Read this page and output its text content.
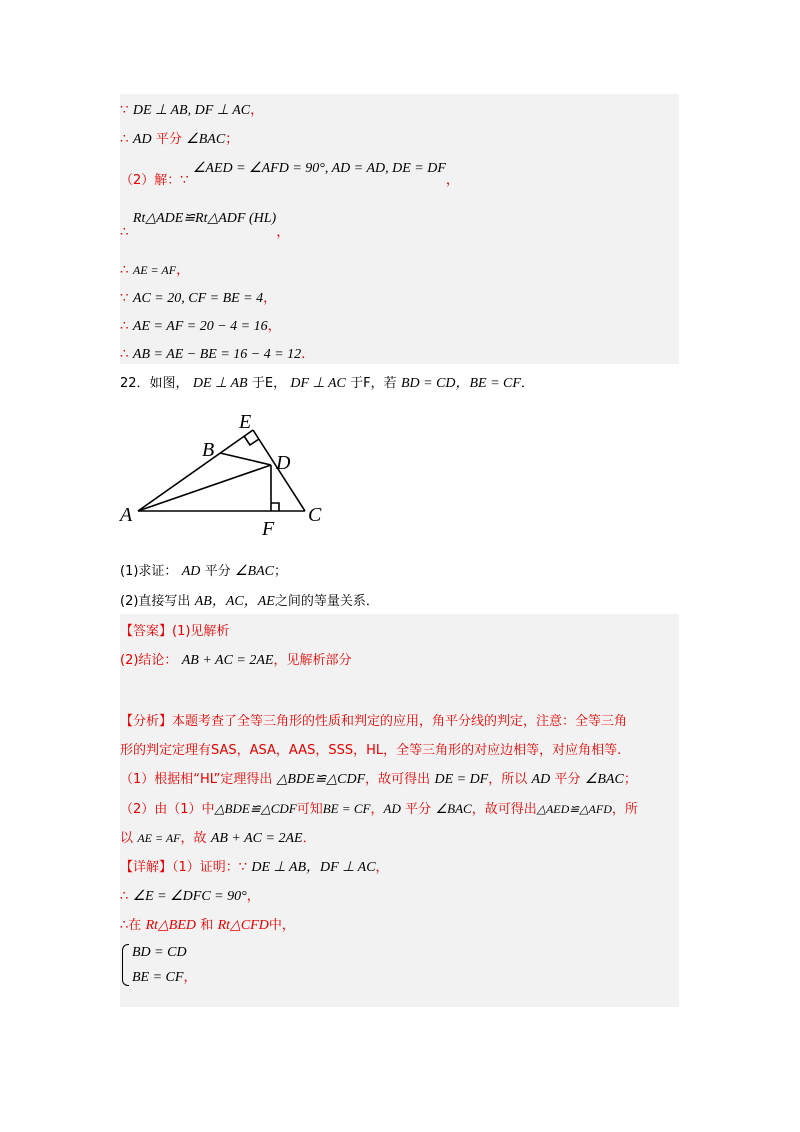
∵ DE ⊥ AB, DF ⊥ AC，
∴ AD 平分 ∠BAC；
（2）解：∵ ∠AED = ∠AFD = 90°, AD = AD, DE = DF，
∴ Rt△ADE≌Rt△ADF (HL)，
∴ AE = AF，
∵ AC = 20, CF = BE = 4，
∴ AE = AF = 20 − 4 = 16，
∴ AB = AE − BE = 16 − 4 = 12．
22．如图， DE ⊥ AB 于E， DF ⊥ AC 于F，若 BD = CD，BE = CF．
A
B
C
D
E
F
(1)求证： AD 平分 ∠BAC；
(2)直接写出 AB，AC，AE之间的等量关系．
【答案】(1)见解析
(2)结论： AB + AC = 2AE，见解析部分
【分析】本题考查了全等三角形的性质和判定的应用，角平分线的判定，注意：全等三角
形的判定定理有SAS，ASA，AAS，SSS，HL，全等三角形的对应边相等，对应角相等.
（1）根据相“HL”定理得出 △BDE≌△CDF，故可得出 DE = DF，所以 AD 平分 ∠BAC；
（2）由（1）中△BDE≌△CDF可知BE = CF，AD 平分 ∠BAC，故可得出△AED≌△AFD，所
以 AE = AF，故 AB + AC = 2AE．
【详解】（1）证明：∵ DE ⊥ AB，DF ⊥ AC，
∴ ∠E = ∠DFC = 90°，
∴在 Rt△BED 和 Rt△CFD中，
BD = CD
BE = CF，
